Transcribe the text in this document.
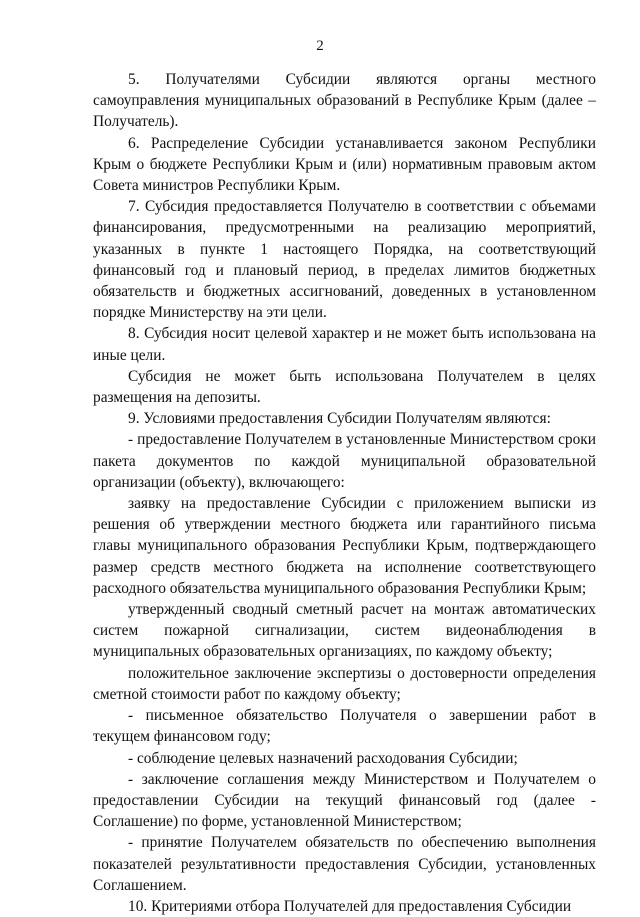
2

5. Получателями Субсидии являются органы местного самоуправления муниципальных образований в Республике Крым (далее – Получатель).

6. Распределение Субсидии устанавливается законом Республики Крым о бюджете Республики Крым и (или) нормативным правовым актом Совета министров Республики Крым.

7. Субсидия предоставляется Получателю в соответствии с объемами финансирования, предусмотренными на реализацию мероприятий, указанных в пункте 1 настоящего Порядка, на соответствующий финансовый год и плановый период, в пределах лимитов бюджетных обязательств и бюджетных ассигнований, доведенных в установленном порядке Министерству на эти цели.

8. Субсидия носит целевой характер и не может быть использована на иные цели.

Субсидия не может быть использована Получателем в целях размещения на депозиты.

9. Условиями предоставления Субсидии Получателям являются:

- предоставление Получателем в установленные Министерством сроки пакета документов по каждой муниципальной образовательной организации (объекту), включающего:

заявку на предоставление Субсидии с приложением выписки из решения об утверждении местного бюджета или гарантийного письма главы муниципального образования Республики Крым, подтверждающего размер средств местного бюджета на исполнение соответствующего расходного обязательства муниципального образования Республики Крым;

утвержденный сводный сметный расчет на монтаж автоматических систем пожарной сигнализации, систем видеонаблюдения в муниципальных образовательных организациях, по каждому объекту;

положительное заключение экспертизы о достоверности определения сметной стоимости работ по каждому объекту;

- письменное обязательство Получателя о завершении работ в текущем финансовом году;

- соблюдение целевых назначений расходования Субсидии;

- заключение соглашения между Министерством и Получателем о предоставлении Субсидии на текущий финансовый год (далее - Соглашение) по форме, установленной Министерством;

- принятие Получателем обязательств по обеспечению выполнения показателей результативности предоставления Субсидии, установленных Соглашением.

10. Критериями отбора Получателей для предоставления Субсидии
